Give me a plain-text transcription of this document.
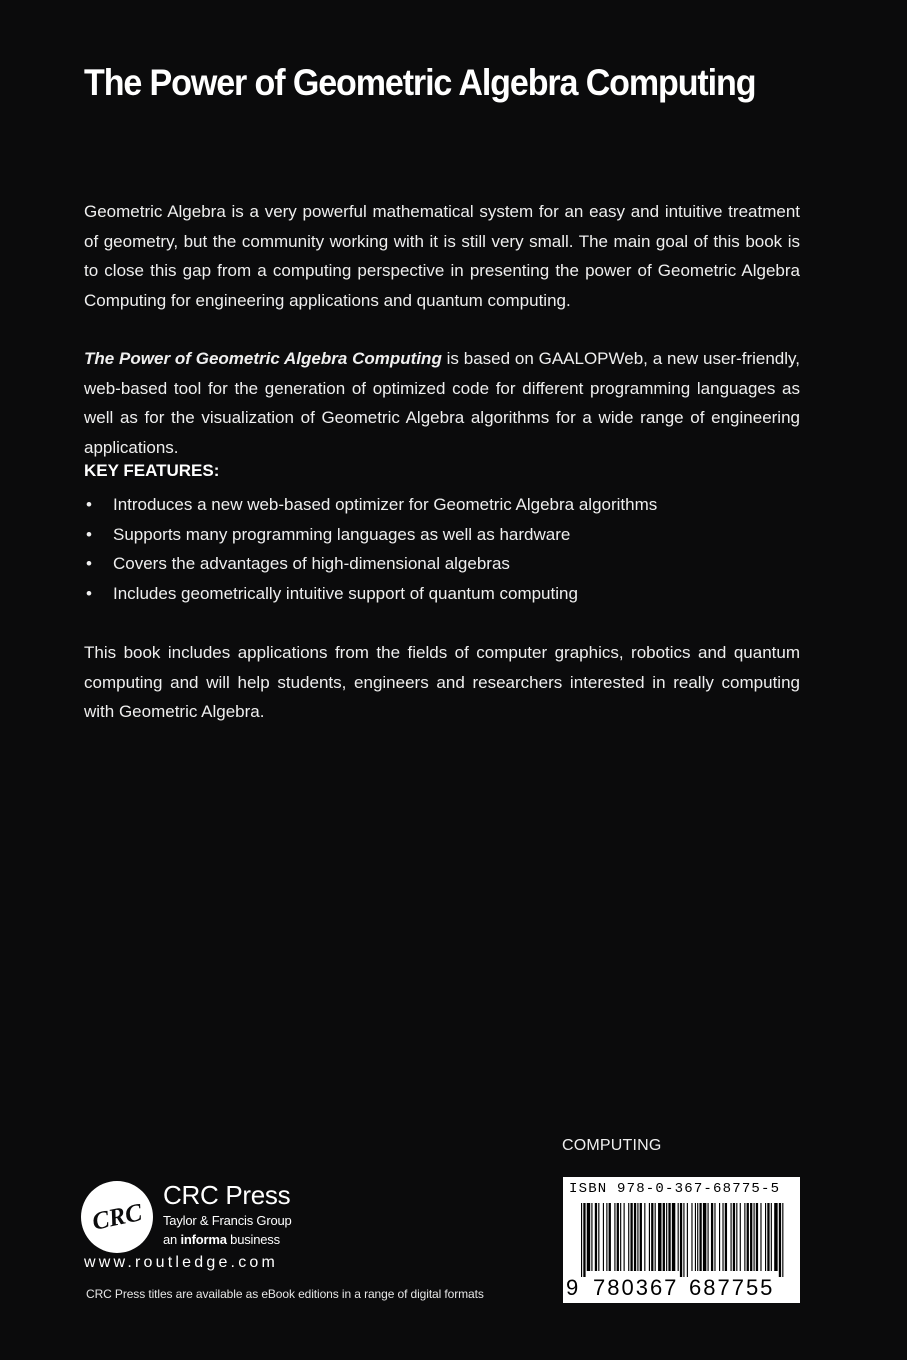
The Power of Geometric Algebra Computing
Geometric Algebra is a very powerful mathematical system for an easy and intuitive treatment of geometry, but the community working with it is still very small. The main goal of this book is to close this gap from a computing perspective in presenting the power of Geometric Algebra Computing for engineering applications and quantum computing.
The Power of Geometric Algebra Computing is based on GAALOPWeb, a new user-friendly, web-based tool for the generation of optimized code for different programming languages as well as for the visualization of Geometric Algebra algorithms for a wide range of engineering applications.
KEY FEATURES:
• Introduces a new web-based optimizer for Geometric Algebra algorithms
• Supports many programming languages as well as hardware
• Covers the advantages of high-dimensional algebras
• Includes geometrically intuitive support of quantum computing
This book includes applications from the fields of computer graphics, robotics and quantum computing and will help students, engineers and researchers interested in really computing with Geometric Algebra.
COMPUTING
ISBN 978-0-367-68775-5
9 780367 687755
CRC
CRC Press
Taylor & Francis Group
an informa business
www.routledge.com
CRC Press titles are available as eBook editions in a range of digital formats
